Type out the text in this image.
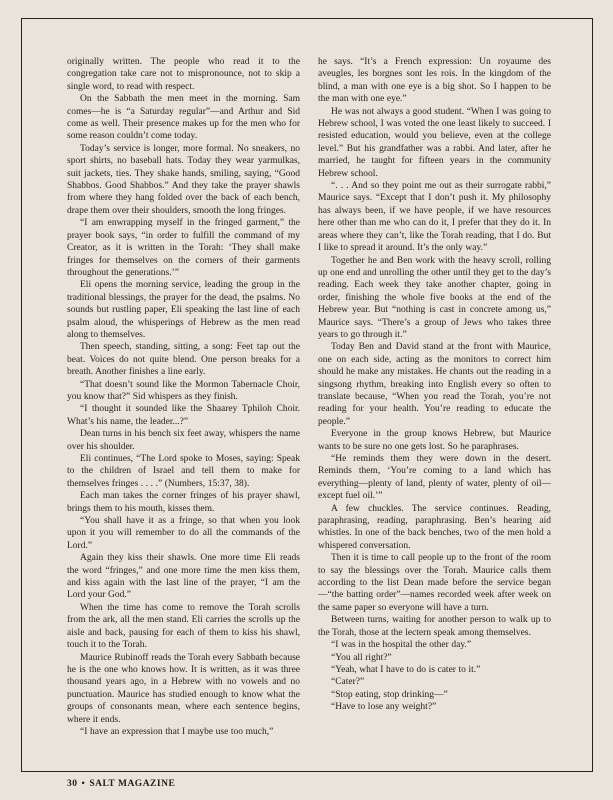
originally written. The people who read it to the congregation take care not to mispronounce, not to skip a single word, to read with respect.

On the Sabbath the men meet in the morning. Sam comes—he is “a Saturday regular”—and Arthur and Sid come as well. Their presence makes up for the men who for some reason couldn’t come today.

Today’s service is longer, more formal. No sneakers, no sport shirts, no baseball hats. Today they wear yarmulkas, suit jackets, ties. They shake hands, smiling, saying, “Good Shabbos. Good Shabbos.” And they take the prayer shawls from where they hang folded over the back of each bench, drape them over their shoulders, smooth the long fringes.

“I am enwrapping myself in the fringed garment,” the prayer book says, “in order to fulfill the command of my Creator, as it is written in the Torah: ‘They shall make fringes for themselves on the corners of their garments throughout the generations.’”

Eli opens the morning service, leading the group in the traditional blessings, the prayer for the dead, the psalms. No sounds but rustling paper, Eli speaking the last line of each psalm aloud, the whisperings of Hebrew as the men read along to themselves.

Then speech, standing, sitting, a song: Feet tap out the beat. Voices do not quite blend. One person breaks for a breath. Another finishes a line early.

“That doesn’t sound like the Mormon Tabernacle Choir, you know that?” Sid whispers as they finish.

“I thought it sounded like the Shaarey Tphiloh Choir. What’s his name, the leader...?”

Dean turns in his bench six feet away, whispers the name over his shoulder.

Eli continues, “The Lord spoke to Moses, saying: Speak to the children of Israel and tell them to make for themselves fringes . . . .” (Numbers, 15:37, 38).

Each man takes the corner fringes of his prayer shawl, brings them to his mouth, kisses them.

“You shall have it as a fringe, so that when you look upon it you will remember to do all the commands of the Lord.”

Again they kiss their shawls. One more time Eli reads the word “fringes,” and one more time the men kiss them, and kiss again with the last line of the prayer, “I am the Lord your God.”

When the time has come to remove the Torah scrolls from the ark, all the men stand. Eli carries the scrolls up the aisle and back, pausing for each of them to kiss his shawl, touch it to the Torah.

Maurice Rubinoff reads the Torah every Sabbath because he is the one who knows how. It is written, as it was three thousand years ago, in a Hebrew with no vowels and no punctuation. Maurice has studied enough to know what the groups of consonants mean, where each sentence begins, where it ends.

“I have an expression that I maybe use too much,”

he says. “It’s a French expression: Un royaume des aveugles, les borgnes sont les rois. In the kingdom of the blind, a man with one eye is a big shot. So I happen to be the man with one eye.”

He was not always a good student. “When I was going to Hebrew school, I was voted the one least likely to succeed. I resisted education, would you believe, even at the college level.” But his grandfather was a rabbi. And later, after he married, he taught for fifteen years in the community Hebrew school.

“. . . And so they point me out as their surrogate rabbi,” Maurice says. “Except that I don’t push it. My philosophy has always been, if we have people, if we have resources here other than me who can do it, I prefer that they do it. In areas where they can’t, like the Torah reading, that I do. But I like to spread it around. It’s the only way.”

Together he and Ben work with the heavy scroll, rolling up one end and unrolling the other until they get to the day’s reading. Each week they take another chapter, going in order, finishing the whole five books at the end of the Hebrew year. But “nothing is cast in concrete among us,” Maurice says. “There’s a group of Jews who takes three years to go through it.”

Today Ben and David stand at the front with Maurice, one on each side, acting as the monitors to correct him should he make any mistakes. He chants out the reading in a singsong rhythm, breaking into English every so often to translate because, “When you read the Torah, you’re not reading for your health. You’re reading to educate the people.”

Everyone in the group knows Hebrew, but Maurice wants to be sure no one gets lost. So he paraphrases.

“He reminds them they were down in the desert. Reminds them, ‘You’re coming to a land which has everything—plenty of land, plenty of water, plenty of oil—except fuel oil.’”

A few chuckles. The service continues. Reading, paraphrasing, reading, paraphrasing. Ben’s hearing aid whistles. In one of the back benches, two of the men hold a whispered conversation.

Then it is time to call people up to the front of the room to say the blessings over the Torah. Maurice calls them according to the list Dean made before the service began—“the batting order”—names recorded week after week on the same paper so everyone will have a turn.

Between turns, waiting for another person to walk up to the Torah, those at the lectern speak among themselves.

“I was in the hospital the other day.”

“You all right?”

“Yeah, what I have to do is cater to it.”

“Cater?”

“Stop eating, stop drinking—”

“Have to lose any weight?”

30 • SALT MAGAZINE
